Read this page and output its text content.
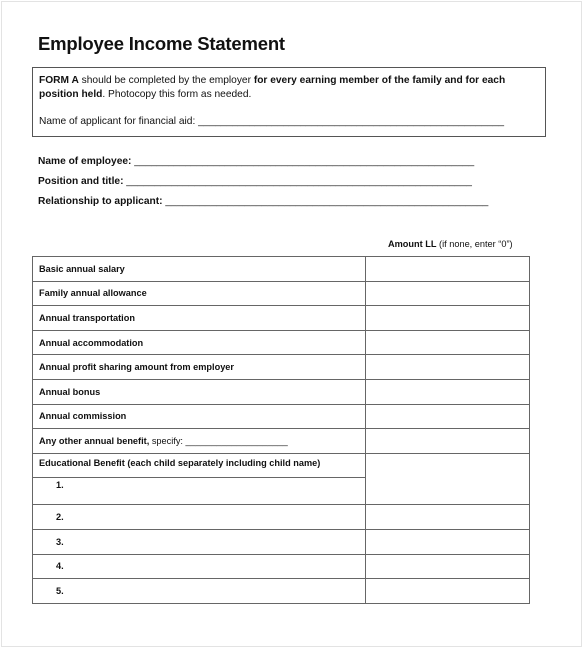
Employee Income Statement
FORM A should be completed by the employer for every earning member of the family and for each position held. Photocopy this form as needed.
Name of applicant for financial aid: ______________________________________________________
Name of employee: ____________________________________________________________
Position and title: _____________________________________________________________
Relationship to applicant: _________________________________________________________
Amount LL (if none, enter “0”)
Basic annual salary	
Family annual allowance	
Annual transportation	
Annual accommodation	
Annual profit sharing amount from employer	
Annual bonus	
Annual commission	
Any other annual benefit, specify: ____________________	
Educational Benefit (each child separately including child name)	
1.	
2.	
3.	
4.	
5.	
